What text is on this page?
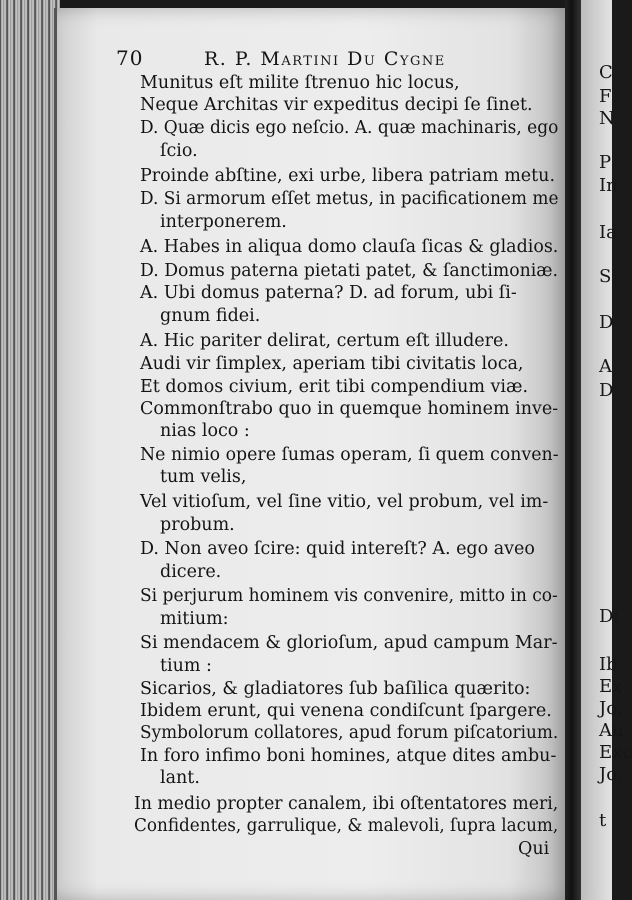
C
F
N
P
In
Ia
S
D
A
D
Dı
Ib
Ex
Jo.
Au
Exc
Jo.
t
70	R. P. Martini Du Cygne
Munitus eſt milite ſtrenuo hic locus,
Neque Architas vir expeditus decipi ſe ſinet.
D. Quæ dicis ego neſcio. A. quæ machinaris, ego
ſcio.
Proinde abſtine, exi urbe, libera patriam metu.
D. Si armorum eſſet metus, in pacificationem me
interponerem.
A. Habes in aliqua domo clauſa ſicas & gladios.
D. Domus paterna pietati patet, & ſanctimoniæ.
A. Ubi domus paterna? D. ad forum, ubi ſi-
gnum fidei.
A. Hic pariter delirat, certum eſt illudere.
Audi vir ſimplex, aperiam tibi civitatis loca,
Et domos civium, erit tibi compendium viæ.
Commonſtrabo quo in quemque hominem inve-
nias loco :
Ne nimio opere ſumas operam, ſi quem conven-
tum velis,
Vel vitioſum, vel ſine vitio, vel probum, vel im-
probum.
D. Non aveo ſcire: quid intereſt? A. ego aveo
dicere.
Si perjurum hominem vis convenire, mitto in co-
mitium:
Si mendacem & glorioſum, apud campum Mar-
tium :
Sicarios, & gladiatores ſub baſilica quærito:
Ibidem erunt, qui venena condiſcunt ſpargere.
Symbolorum collatores, apud forum piſcatorium.
In foro infimo boni homines, atque dites ambu-
lant.
In medio propter canalem, ibi oſtentatores meri,
Confidentes, garrulique, & malevoli, ſupra lacum,
Qui
